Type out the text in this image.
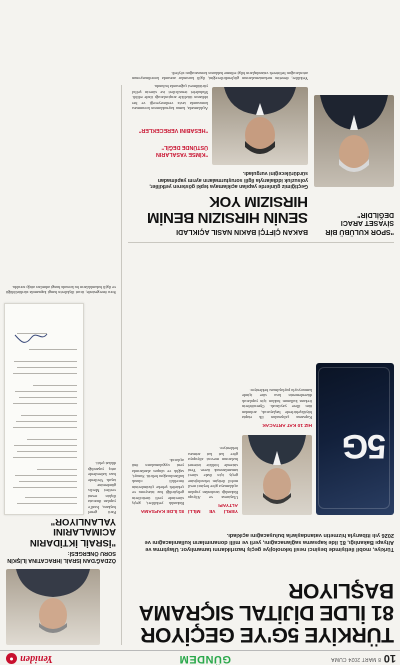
10
8 MART 2024 CUMA
GÜNDEM
Yeniden
●
TÜRKİYE 5G'YE GEÇİYOR 81 İLDE DİJİTAL SIÇRAMA BAŞLIYOR
Türkiye, mobil iletişimde beşinci nesil teknolojiye geçiş hazırlıklarını tamamlıyor. Ulaştırma ve Altyapı Bakanlığı, 81 ilde kapsama sağlanacağını, yerli ve milli donanımların kullanılacağını ve 2026 yılı itibarıyla hizmetin vatandaşlarla buluşacağını açıkladı.
5G
YERLİ VE MİLLİ ALTYAPI
Ulaştırma ve Altyapı Bakanlığı tarafından yapılan açıklamaya göre beşinci nesil mobil iletişim teknolojisine geçiş için ihale süreci tamamlanmak üzere. Yeni sistemle birlikte internet hızlarının mevcut altyapıya göre kat kat artması bekleniyor.
81 İLDE KAPSAMA
Bakanlık yetkilileri, geçiş sürecinde yerli üreticilerin geliştirdiği baz istasyonu ve çekirdek şebeke çözümlerinin öncelikli olarak kullanılacağını belirtti. Sanayi, sağlık ve ulaşım alanlarında yeni uygulamaların önü açılacak.
HIZ 10 KAT ARTACAK
Kapsama çalışmaları ilk etapta büyükşehirlerde başlayacak, ardından tüm illere yayılacak. Operatörlerin frekans kullanım hakları için yapılacak düzenlemenin kısa süre içinde kamuoyuyla paylaşılması bekleniyor.
"SPOR KULÜBÜ BİR SİYASET ARACI DEĞİLDİR"
BAKAN ÇİFTÇİ BAKIN NASIL AÇIKLADI
SENİN HIRSIZIN BENİM HIRSIZIM YOK
Geçtiğimiz günlerde yapılan açıklamaya tepki gösteren yetkililer, yolsuzluk iddialarıyla ilgili soruşturmaların ayrım yapılmadan sürdürüleceğini vurguladı.
"KİMSE YASALARIN ÜSTÜNDE DEĞİL"
"HESABINI VERECEKLER"
Açıklamada, kamu kaynaklarının korunması konusunda taviz verilmeyeceği ve her iddianın titizlikle araştırılacağı ifade edildi. Muhalefet temsilcileri ise sürecin şeffaf yürütülmesi çağrısında bulundu.
Yetkililer, denetim mekanizmalarının güçlendirileceğini, ilgili kurumlar arasında koordinasyonun artırılacağını belirterek vatandaşların bilgi edinme hakkının korunacağını söyledi.
ÖZDAĞ'DAN İSRAİL İHRACATINA İLİŞKİN SORU ÖNERGESİ:
"İSRAİL İKTİDARIN ACIMALARINI YALANLIYOR"
Parti genel başkanı, İsrail'e yapılan ihracata ilişkin resmi verileri Meclis gündemine taşıdı. Verilerde bazı kalemlerde artış yaşandığı dikkat çekti.
Soru önergesinde, ticari ilişkilerin hangi kapsamda sürdürüldüğü ve ilgili bakanlıkların bu konuda hangi adımları attığı soruldu.
